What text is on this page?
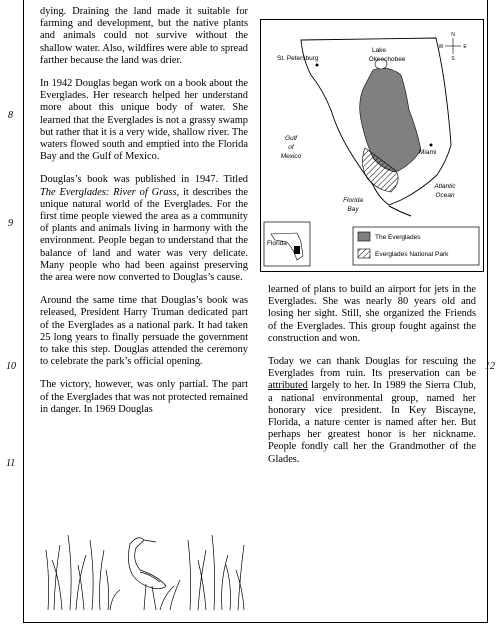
8
9
10
11
12

dying. Draining the land made it suitable for farming and development, but the native plants and animals could not survive without the shallow water. Also, wildfires were able to spread farther because the land was drier.

In 1942 Douglas began work on a book about the Everglades. Her research helped her understand more about this unique body of water. She learned that the Everglades is not a grassy swamp but rather that it is a very wide, shallow river. The waters flowed south and emptied into the Florida Bay and the Gulf of Mexico.

Douglas’s book was published in 1947. Titled The Everglades: River of Grass, it describes the unique natural world of the Everglades. For the first time people viewed the area as a community of plants and animals living in harmony with the environment. People began to understand that the balance of land and water was very delicate. Many people who had been against preserving the area were now converted to Douglas’s cause.

Around the same time that Douglas’s book was released, President Harry Truman dedicated part of the Everglades as a national park. It had taken 25 long years to finally persuade the government to take this step. Douglas attended the ceremony to celebrate the park’s official opening.

The victory, however, was only partial. The part of the Everglades that was not protected remained in danger. In 1969 Douglas

St. Petersburg
Lake
Okeechobee
Miami
Gulf
of
Mexico
Atlantic
Ocean
Florida
Bay
N
W	E
S
Florida
The Everglades
Everglades National Park

learned of plans to build an airport for jets in the Everglades. She was nearly 80 years old and losing her sight. Still, she organized the Friends of the Everglades. This group fought against the construction and won.

Today we can thank Douglas for rescuing the Everglades from ruin. Its preservation can be attributed largely to her. In 1989 the Sierra Club, a national environmental group, named her honorary vice president. In Key Biscayne, Florida, a nature center is named after her. But perhaps her greatest honor is her nickname. People fondly call her the Grandmother of the Glades.
